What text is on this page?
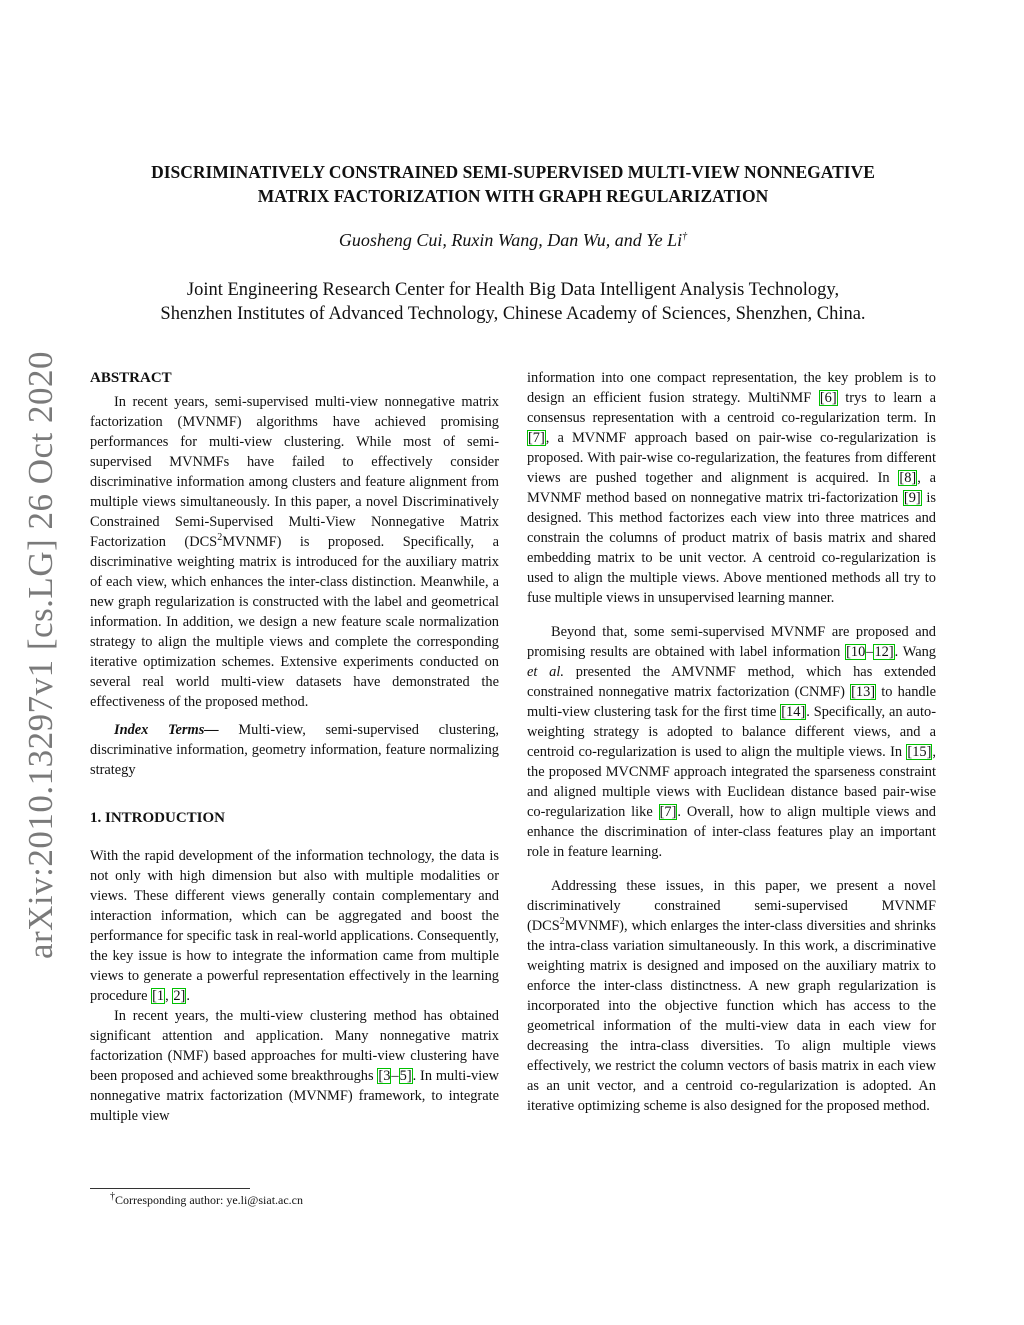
arXiv:2010.13297v1 [cs.LG] 26 Oct 2020
DISCRIMINATIVELY CONSTRAINED SEMI-SUPERVISED MULTI-VIEW NONNEGATIVE
MATRIX FACTORIZATION WITH GRAPH REGULARIZATION
Guosheng Cui, Ruxin Wang, Dan Wu, and Ye Li†
Joint Engineering Research Center for Health Big Data Intelligent Analysis Technology,
Shenzhen Institutes of Advanced Technology, Chinese Academy of Sciences, Shenzhen, China.

ABSTRACT

In recent years, semi-supervised multi-view nonnegative matrix factorization (MVNMF) algorithms have achieved promising performances for multi-view clustering. While most of semi-supervised MVNMFs have failed to effectively consider discriminative information among clusters and feature alignment from multiple views simultaneously. In this paper, a novel Discriminatively Constrained Semi-Supervised Multi-View Nonnegative Matrix Factorization (DCS$^2$MVNMF) is proposed. Specifically, a discriminative weighting matrix is introduced for the auxiliary matrix of each view, which enhances the inter-class distinction. Meanwhile, a new graph regularization is constructed with the label and geometrical information. In addition, we design a new feature scale normalization strategy to align the multiple views and complete the corresponding iterative optimization schemes. Extensive experiments conducted on several real world multi-view datasets have demonstrated the effectiveness of the proposed method.

Index Terms— Multi-view, semi-supervised clustering, discriminative information, geometry information, feature normalizing strategy

1. INTRODUCTION

With the rapid development of the information technology, the data is not only with high dimension but also with multiple modalities or views. These different views generally contain complementary and interaction information, which can be aggregated and boost the performance for specific task in real-world applications. Consequently, the key issue is how to integrate the information came from multiple views to generate a powerful representation effectively in the learning procedure [1, 2].

In recent years, the multi-view clustering method has obtained significant attention and application. Many nonnegative matrix factorization (NMF) based approaches for multi-view clustering have been proposed and achieved some breakthroughs [3–5]. In multi-view nonnegative matrix factorization (MVNMF) framework, to integrate multiple view

information into one compact representation, the key problem is to design an efficient fusion strategy. MultiNMF [6] trys to learn a consensus representation with a centroid co-regularization term. In [7], a MVNMF approach based on pair-wise co-regularization is proposed. With pair-wise co-regularization, the features from different views are pushed together and alignment is acquired. In [8], a MVNMF method based on nonnegative matrix tri-factorization [9] is designed. This method factorizes each view into three matrices and constrain the columns of product matrix of basis matrix and shared embedding matrix to be unit vector. A centroid co-regularization is used to align the multiple views. Above mentioned methods all try to fuse multiple views in unsupervised learning manner.

Beyond that, some semi-supervised MVNMF are proposed and promising results are obtained with label information [10–12]. Wang et al. presented the AMVNMF method, which has extended constrained nonnegative matrix factorization (CNMF) [13] to handle multi-view clustering task for the first time [14]. Specifically, an auto-weighting strategy is adopted to balance different views, and a centroid co-regularization is used to align the multiple views. In [15], the proposed MVCNMF approach integrated the sparseness constraint and aligned multiple views with Euclidean distance based pair-wise co-regularization like [7]. Overall, how to align multiple views and enhance the discrimination of inter-class features play an important role in feature learning.

Addressing these issues, in this paper, we present a novel discriminatively constrained semi-supervised MVNMF (DCS$^2$MVNMF), which enlarges the inter-class diversities and shrinks the intra-class variation simultaneously. In this work, a discriminative weighting matrix is designed and imposed on the auxiliary matrix to enforce the inter-class distinctness. A new graph regularization is incorporated into the objective function which has access to the geometrical information of the multi-view data in each view for decreasing the intra-class diversities. To align multiple views effectively, we restrict the column vectors of basis matrix in each view as an unit vector, and a centroid co-regularization is adopted. An iterative optimizing scheme is also designed for the proposed method.

†Corresponding author: ye.li@siat.ac.cn
